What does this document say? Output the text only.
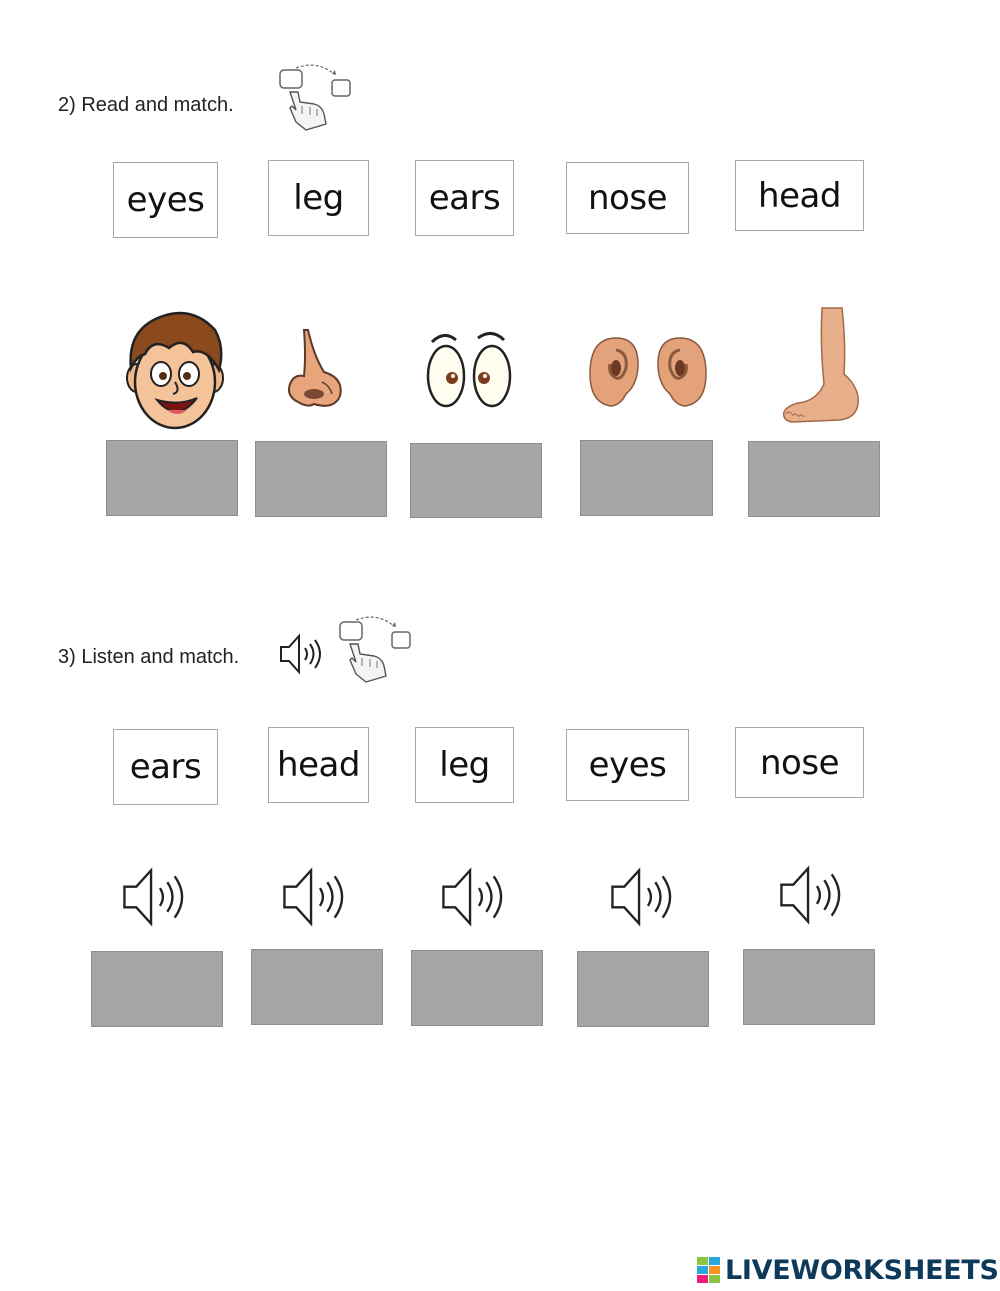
2) Read and match.
eyes	leg	ears	nose	head
3) Listen and match.
ears	head	leg	eyes	nose
LIVEWORKSHEETS
